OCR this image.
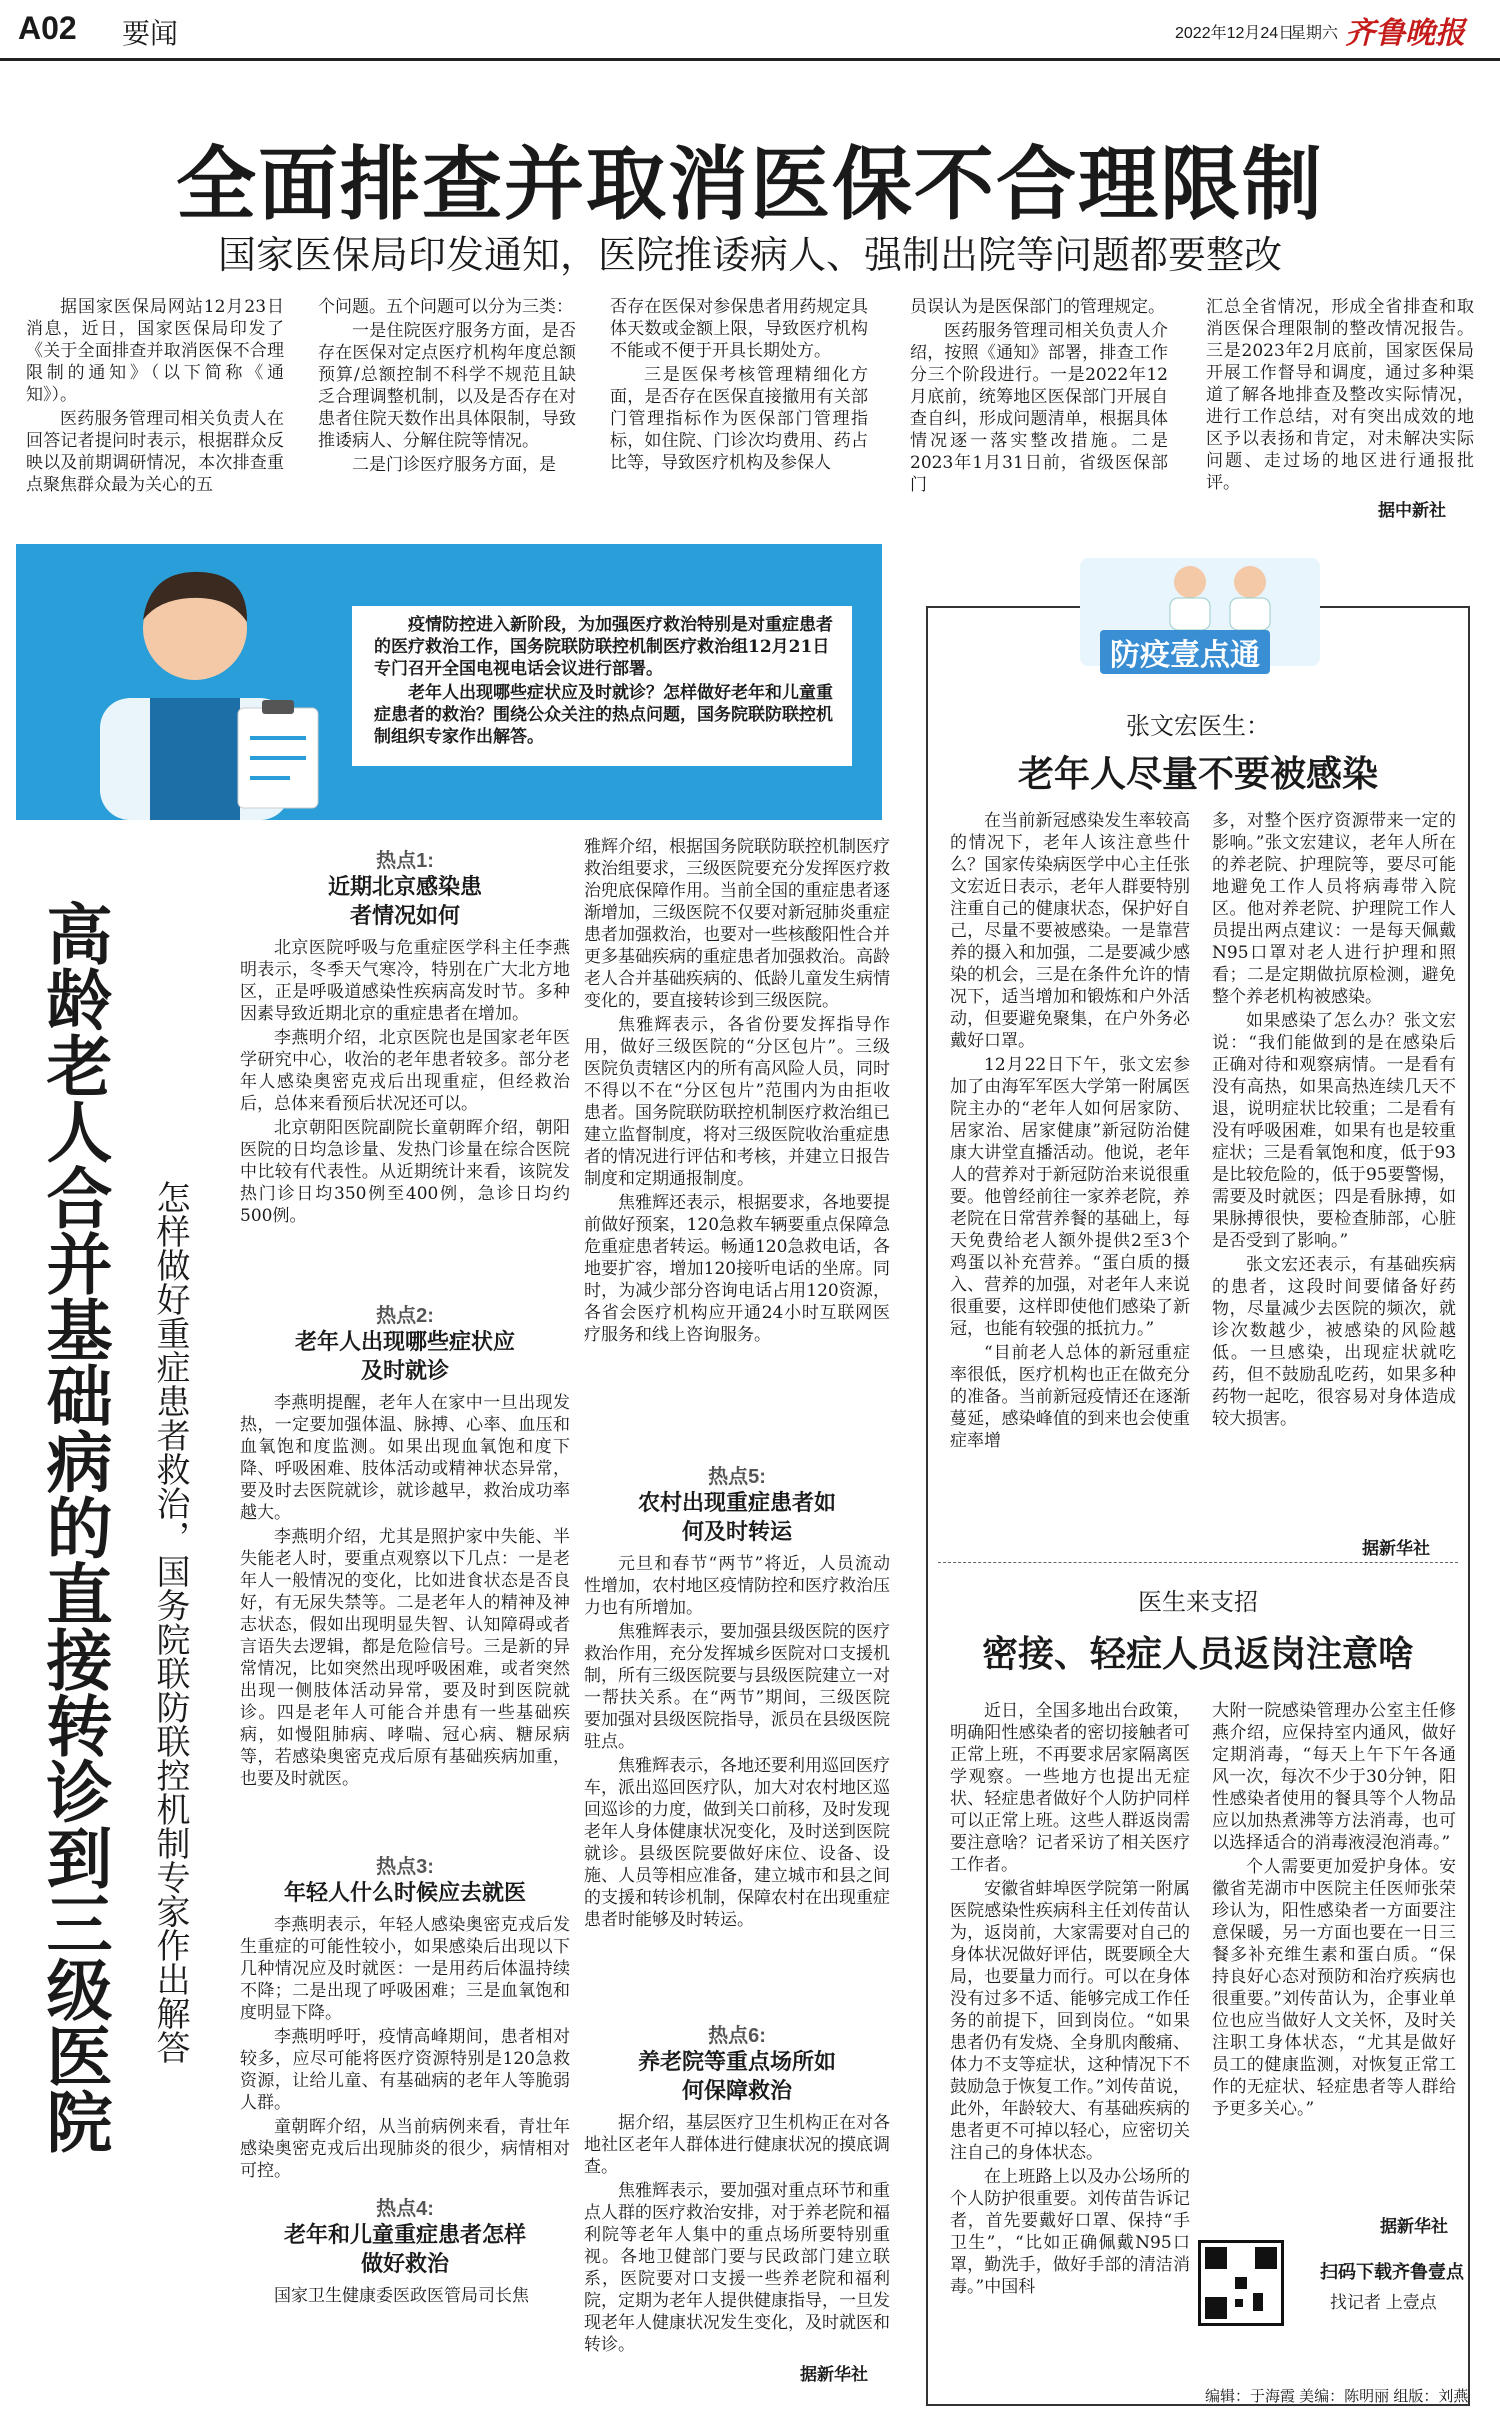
A02 要闻	2022年12月24日
星期六 齐鲁晚报
全面排查并取消医保不合理限制
国家医保局印发通知，医院推诿病人、强制出院等问题都要整改

据国家医保局网站12月23日消息，近日，国家医保局印发了《关于全面排查并取消医保不合理限制的通知》（以下简称《通知》）。

医药服务管理司相关负责人在回答记者提问时表示，根据群众反映以及前期调研情况，本次排查重点聚焦群众最为关心的五

个问题。五个问题可以分为三类：

一是住院医疗服务方面，是否存在医保对定点医疗机构年度总额预算/总额控制不科学不规范且缺乏合理调整机制，以及是否存在对患者住院天数作出具体限制，导致推诿病人、分解住院等情况。

二是门诊医疗服务方面，是

否存在医保对参保患者用药规定具体天数或金额上限，导致医疗机构不能或不便于开具长期处方。

三是医保考核管理精细化方面，是否存在医保直接撤用有关部门管理指标作为医保部门管理指标，如住院、门诊次均费用、药占比等，导致医疗机构及参保人

员误认为是医保部门的管理规定。

医药服务管理司相关负责人介绍，按照《通知》部署，排查工作分三个阶段进行。一是2022年12月底前，统筹地区医保部门开展自查自纠，形成问题清单，根据具体情况逐一落实整改措施。二是2023年1月31日前，省级医保部门

汇总全省情况，形成全省排查和取消医保合理限制的整改情况报告。三是2023年2月底前，国家医保局开展工作督导和调度，通过多种渠道了解各地排查及整改实际情况，进行工作总结，对有突出成效的地区予以表扬和肯定，对未解决实际问题、走过场的地区进行通报批评。

据中新社

疫情防控进入新阶段，为加强医疗救治特别是对重症患者的医疗救治工作，国务院联防联控机制医疗救治组12月21日专门召开全国电视电话会议进行部署。

老年人出现哪些症状应及时就诊？怎样做好老年和儿童重症患者的救治？围绕公众关注的热点问题，国务院联防联控机制组织专家作出解答。

高龄老人合并基础病的直接转诊到三级医院 怎样做好重症患者救治，国务院联防联控机制专家作出解答
热点1:
近期北京感染患者情况如何

北京医院呼吸与危重症医学科主任李燕明表示，冬季天气寒冷，特别在广大北方地区，正是呼吸道感染性疾病高发时节。多种因素导致近期北京的重症患者在增加。

李燕明介绍，北京医院也是国家老年医学研究中心，收治的老年患者较多。部分老年人感染奥密克戎后出现重症，但经救治后，总体来看预后状况还可以。

北京朝阳医院副院长童朝晖介绍，朝阳医院的日均急诊量、发热门诊量在综合医院中比较有代表性。从近期统计来看，该院发热门诊日均350例至400例，急诊日均约500例。

热点2:
老年人出现哪些症状应及时就诊

李燕明提醒，老年人在家中一旦出现发热，一定要加强体温、脉搏、心率、血压和血氧饱和度监测。如果出现血氧饱和度下降、呼吸困难、肢体活动或精神状态异常，要及时去医院就诊，就诊越早，救治成功率越大。

李燕明介绍，尤其是照护家中失能、半失能老人时，要重点观察以下几点：一是老年人一般情况的变化，比如进食状态是否良好，有无尿失禁等。二是老年人的精神及神志状态，假如出现明显失智、认知障碍或者言语失去逻辑，都是危险信号。三是新的异常情况，比如突然出现呼吸困难，或者突然出现一侧肢体活动异常，要及时到医院就诊。四是老年人可能合并患有一些基础疾病，如慢阻肺病、哮喘、冠心病、糖尿病等，若感染奥密克戎后原有基础疾病加重，也要及时就医。

热点3:
年轻人什么时候应去就医

李燕明表示，年轻人感染奥密克戎后发生重症的可能性较小，如果感染后出现以下几种情况应及时就医：一是用药后体温持续不降；二是出现了呼吸困难；三是血氧饱和度明显下降。

李燕明呼吁，疫情高峰期间，患者相对较多，应尽可能将医疗资源特别是120急救资源，让给儿童、有基础病的老年人等脆弱人群。

童朝晖介绍，从当前病例来看，青壮年感染奥密克戎后出现肺炎的很少，病情相对可控。

热点4:
老年和儿童重症患者怎样做好救治

国家卫生健康委医政医管局司长焦

雅辉介绍，根据国务院联防联控机制医疗救治组要求，三级医院要充分发挥医疗救治兜底保障作用。当前全国的重症患者逐渐增加，三级医院不仅要对新冠肺炎重症患者加强救治，也要对一些核酸阳性合并更多基础疾病的重症患者加强救治。高龄老人合并基础疾病的、低龄儿童发生病情变化的，要直接转诊到三级医院。

焦雅辉表示，各省份要发挥指导作用，做好三级医院的“分区包片”。三级医院负责辖区内的所有高风险人员，同时不得以不在“分区包片”范围内为由拒收患者。国务院联防联控机制医疗救治组已建立监督制度，将对三级医院收治重症患者的情况进行评估和考核，并建立日报告制度和定期通报制度。

焦雅辉还表示，根据要求，各地要提前做好预案，120急救车辆要重点保障急危重症患者转运。畅通120急救电话，各地要扩容，增加120接听电话的坐席。同时，为减少部分咨询电话占用120资源，各省会医疗机构应开通24小时互联网医疗服务和线上咨询服务。

热点5:
农村出现重症患者如何及时转运

元旦和春节“两节”将近，人员流动性增加，农村地区疫情防控和医疗救治压力也有所增加。

焦雅辉表示，要加强县级医院的医疗救治作用，充分发挥城乡医院对口支援机制，所有三级医院要与县级医院建立一对一帮扶关系。在“两节”期间，三级医院要加强对县级医院指导，派员在县级医院驻点。

焦雅辉表示，各地还要利用巡回医疗车，派出巡回医疗队，加大对农村地区巡回巡诊的力度，做到关口前移，及时发现老年人身体健康状况变化，及时送到医院就诊。县级医院要做好床位、设备、设施、人员等相应准备，建立城市和县之间的支援和转诊机制，保障农村在出现重症患者时能够及时转运。

热点6:
养老院等重点场所如何保障救治

据介绍，基层医疗卫生机构正在对各地社区老年人群体进行健康状况的摸底调查。

焦雅辉表示，要加强对重点环节和重点人群的医疗救治安排，对于养老院和福利院等老年人集中的重点场所要特别重视。各地卫健部门要与民政部门建立联系，医院要对口支援一些养老院和福利院，定期为老年人提供健康指导，一旦发现老年人健康状况发生变化，及时就医和转诊。

据新华社
防疫壹点通
张文宏医生：
老年人尽量不要被感染

在当前新冠感染发生率较高的情况下，老年人该注意些什么？国家传染病医学中心主任张文宏近日表示，老年人群要特别注重自己的健康状态，保护好自己，尽量不要被感染。一是靠营养的摄入和加强，二是要减少感染的机会，三是在条件允许的情况下，适当增加和锻炼和户外活动，但要避免聚集，在户外务必戴好口罩。

12月22日下午，张文宏参加了由海军军医大学第一附属医院主办的“老年人如何居家防、居家治、居家健康”新冠防治健康大讲堂直播活动。他说，老年人的营养对于新冠防治来说很重要。他曾经前往一家养老院，养老院在日常营养餐的基础上，每天免费给老人额外提供2至3个鸡蛋以补充营养。“蛋白质的摄入、营养的加强，对老年人来说很重要，这样即使他们感染了新冠，也能有较强的抵抗力。”

“目前老人总体的新冠重症率很低，医疗机构也正在做充分的准备。当前新冠疫情还在逐渐蔓延，感染峰值的到来也会使重症率增

多，对整个医疗资源带来一定的影响。”张文宏建议，老年人所在的养老院、护理院等，要尽可能地避免工作人员将病毒带入院区。他对养老院、护理院工作人员提出两点建议：一是每天佩戴N95口罩对老人进行护理和照看；二是定期做抗原检测，避免整个养老机构被感染。

如果感染了怎么办？张文宏说：“我们能做到的是在感染后正确对待和观察病情。一是看有没有高热，如果高热连续几天不退，说明症状比较重；二是看有没有呼吸困难，如果有也是较重症状；三是看氧饱和度，低于93是比较危险的，低于95要警惕，需要及时就医；四是看脉搏，如果脉搏很快，要检查肺部，心脏是否受到了影响。”

张文宏还表示，有基础疾病的患者，这段时间要储备好药物，尽量减少去医院的频次，就诊次数越少，被感染的风险越低。一旦感染，出现症状就吃药，但不鼓励乱吃药，如果多种药物一起吃，很容易对身体造成较大损害。

据新华社
医生来支招
密接、轻症人员返岗注意啥

近日，全国多地出台政策，明确阳性感染者的密切接触者可正常上班，不再要求居家隔离医学观察。一些地方也提出无症状、轻症患者做好个人防护同样可以正常上班。这些人群返岗需要注意啥？记者采访了相关医疗工作者。

安徽省蚌埠医学院第一附属医院感染性疾病科主任刘传苗认为，返岗前，大家需要对自己的身体状况做好评估，既要顾全大局，也要量力而行。可以在身体没有过多不适、能够完成工作任务的前提下，回到岗位。“如果患者仍有发烧、全身肌肉酸痛、体力不支等症状，这种情况下不鼓励急于恢复工作。”刘传苗说，此外，年龄较大、有基础疾病的患者更不可掉以轻心，应密切关注自己的身体状态。

在上班路上以及办公场所的个人防护很重要。刘传苗告诉记者，首先要戴好口罩、保持“手卫生”，“比如正确佩戴N95口罩，勤洗手，做好手部的清洁消毒。”中国科

大附一院感染管理办公室主任修燕介绍，应保持室内通风，做好定期消毒，“每天上午下午各通风一次，每次不少于30分钟，阳性感染者使用的餐具等个人物品应以加热煮沸等方法消毒，也可以选择适合的消毒液浸泡消毒。”

个人需要更加爱护身体。安徽省芜湖市中医院主任医师张荣珍认为，阳性感染者一方面要注意保暖，另一方面也要在一日三餐多补充维生素和蛋白质。“保持良好心态对预防和治疗疾病也很重要。”刘传苗认为，企事业单位也应当做好人文关怀，及时关注职工身体状态，“尤其是做好员工的健康监测，对恢复正常工作的无症状、轻症患者等人群给予更多关心。”

据新华社
扫码下载齐鲁壹点
找记者 上壹点
编辑：于海霞 美编：陈明丽 组版：刘燕
